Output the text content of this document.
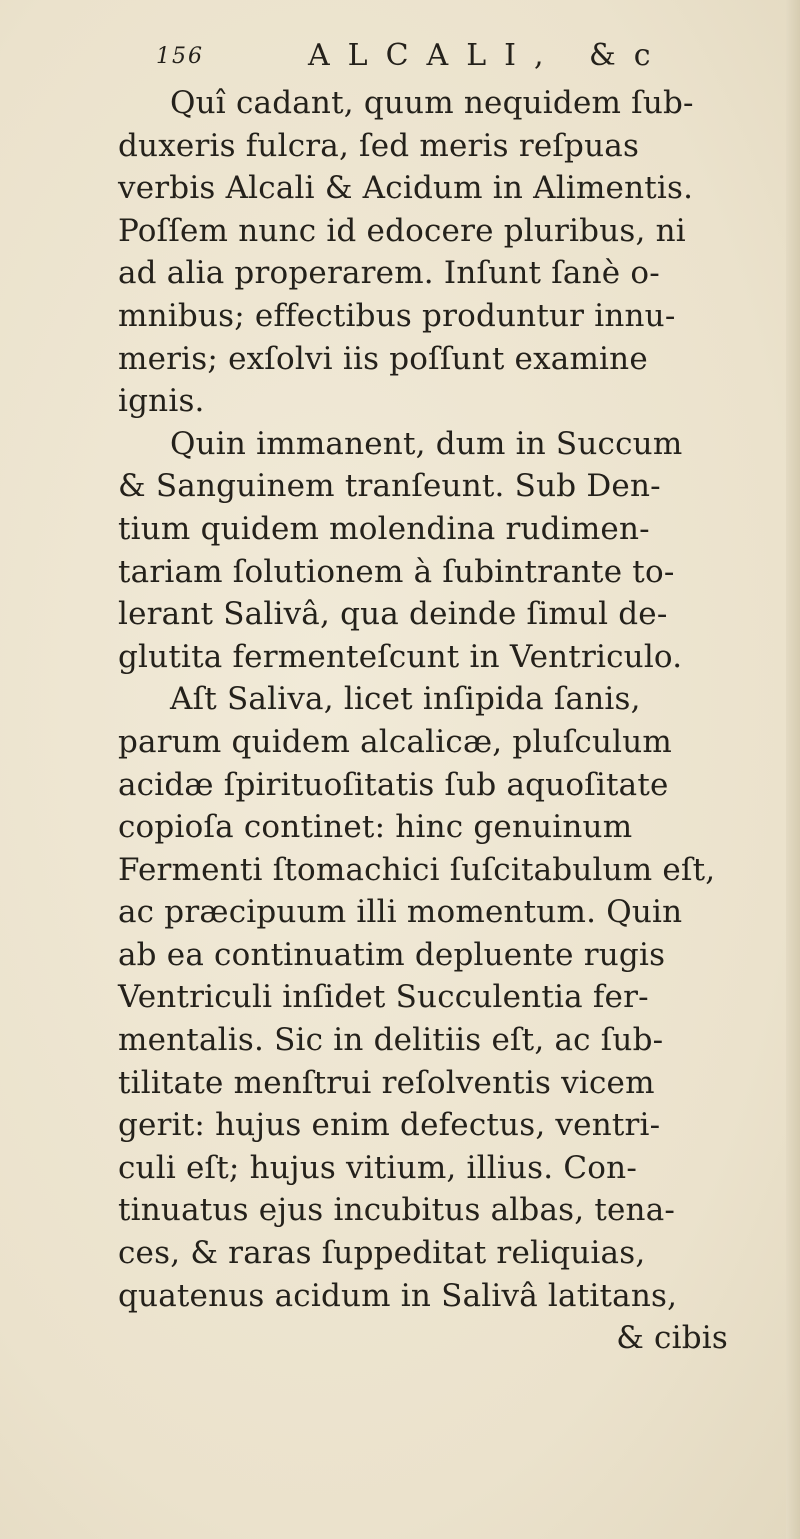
156	ALCALI, &c
Quî cadant, quum nequidem ſub-
duxeris fulcra, ſed meris reſpuas
verbis Alcali & Acidum in Alimentis.
Poſſem nunc id edocere pluribus, ni
ad alia properarem. Inſunt ſanè o-
mnibus; effectibus produntur innu-
meris; exſolvi iis poſſunt examine
ignis.
Quin immanent, dum in Succum
& Sanguinem tranſeunt. Sub Den-
tium quidem molendina rudimen-
tariam ſolutionem à ſubintrante to-
lerant Salivâ, qua deinde ſimul de-
glutita fermenteſcunt in Ventriculo.
Aſt Saliva, licet inſipida ſanis,
parum quidem alcalicæ, pluſculum
acidæ ſpirituoſitatis ſub aquoſitate
copioſa continet: hinc genuinum
Fermenti ſtomachici ſuſcitabulum eſt,
ac præcipuum illi momentum. Quin
ab ea continuatim depluente rugis
Ventriculi inſidet Succulentia fer-
mentalis. Sic in delitiis eſt, ac ſub-
tilitate menſtrui reſolventis vicem
gerit: hujus enim defectus, ventri-
culi eſt; hujus vitium, illius. Con-
tinuatus ejus incubitus albas, tena-
ces, & raras ſuppeditat reliquias,
quatenus acidum in Salivâ latitans,
& cibis
